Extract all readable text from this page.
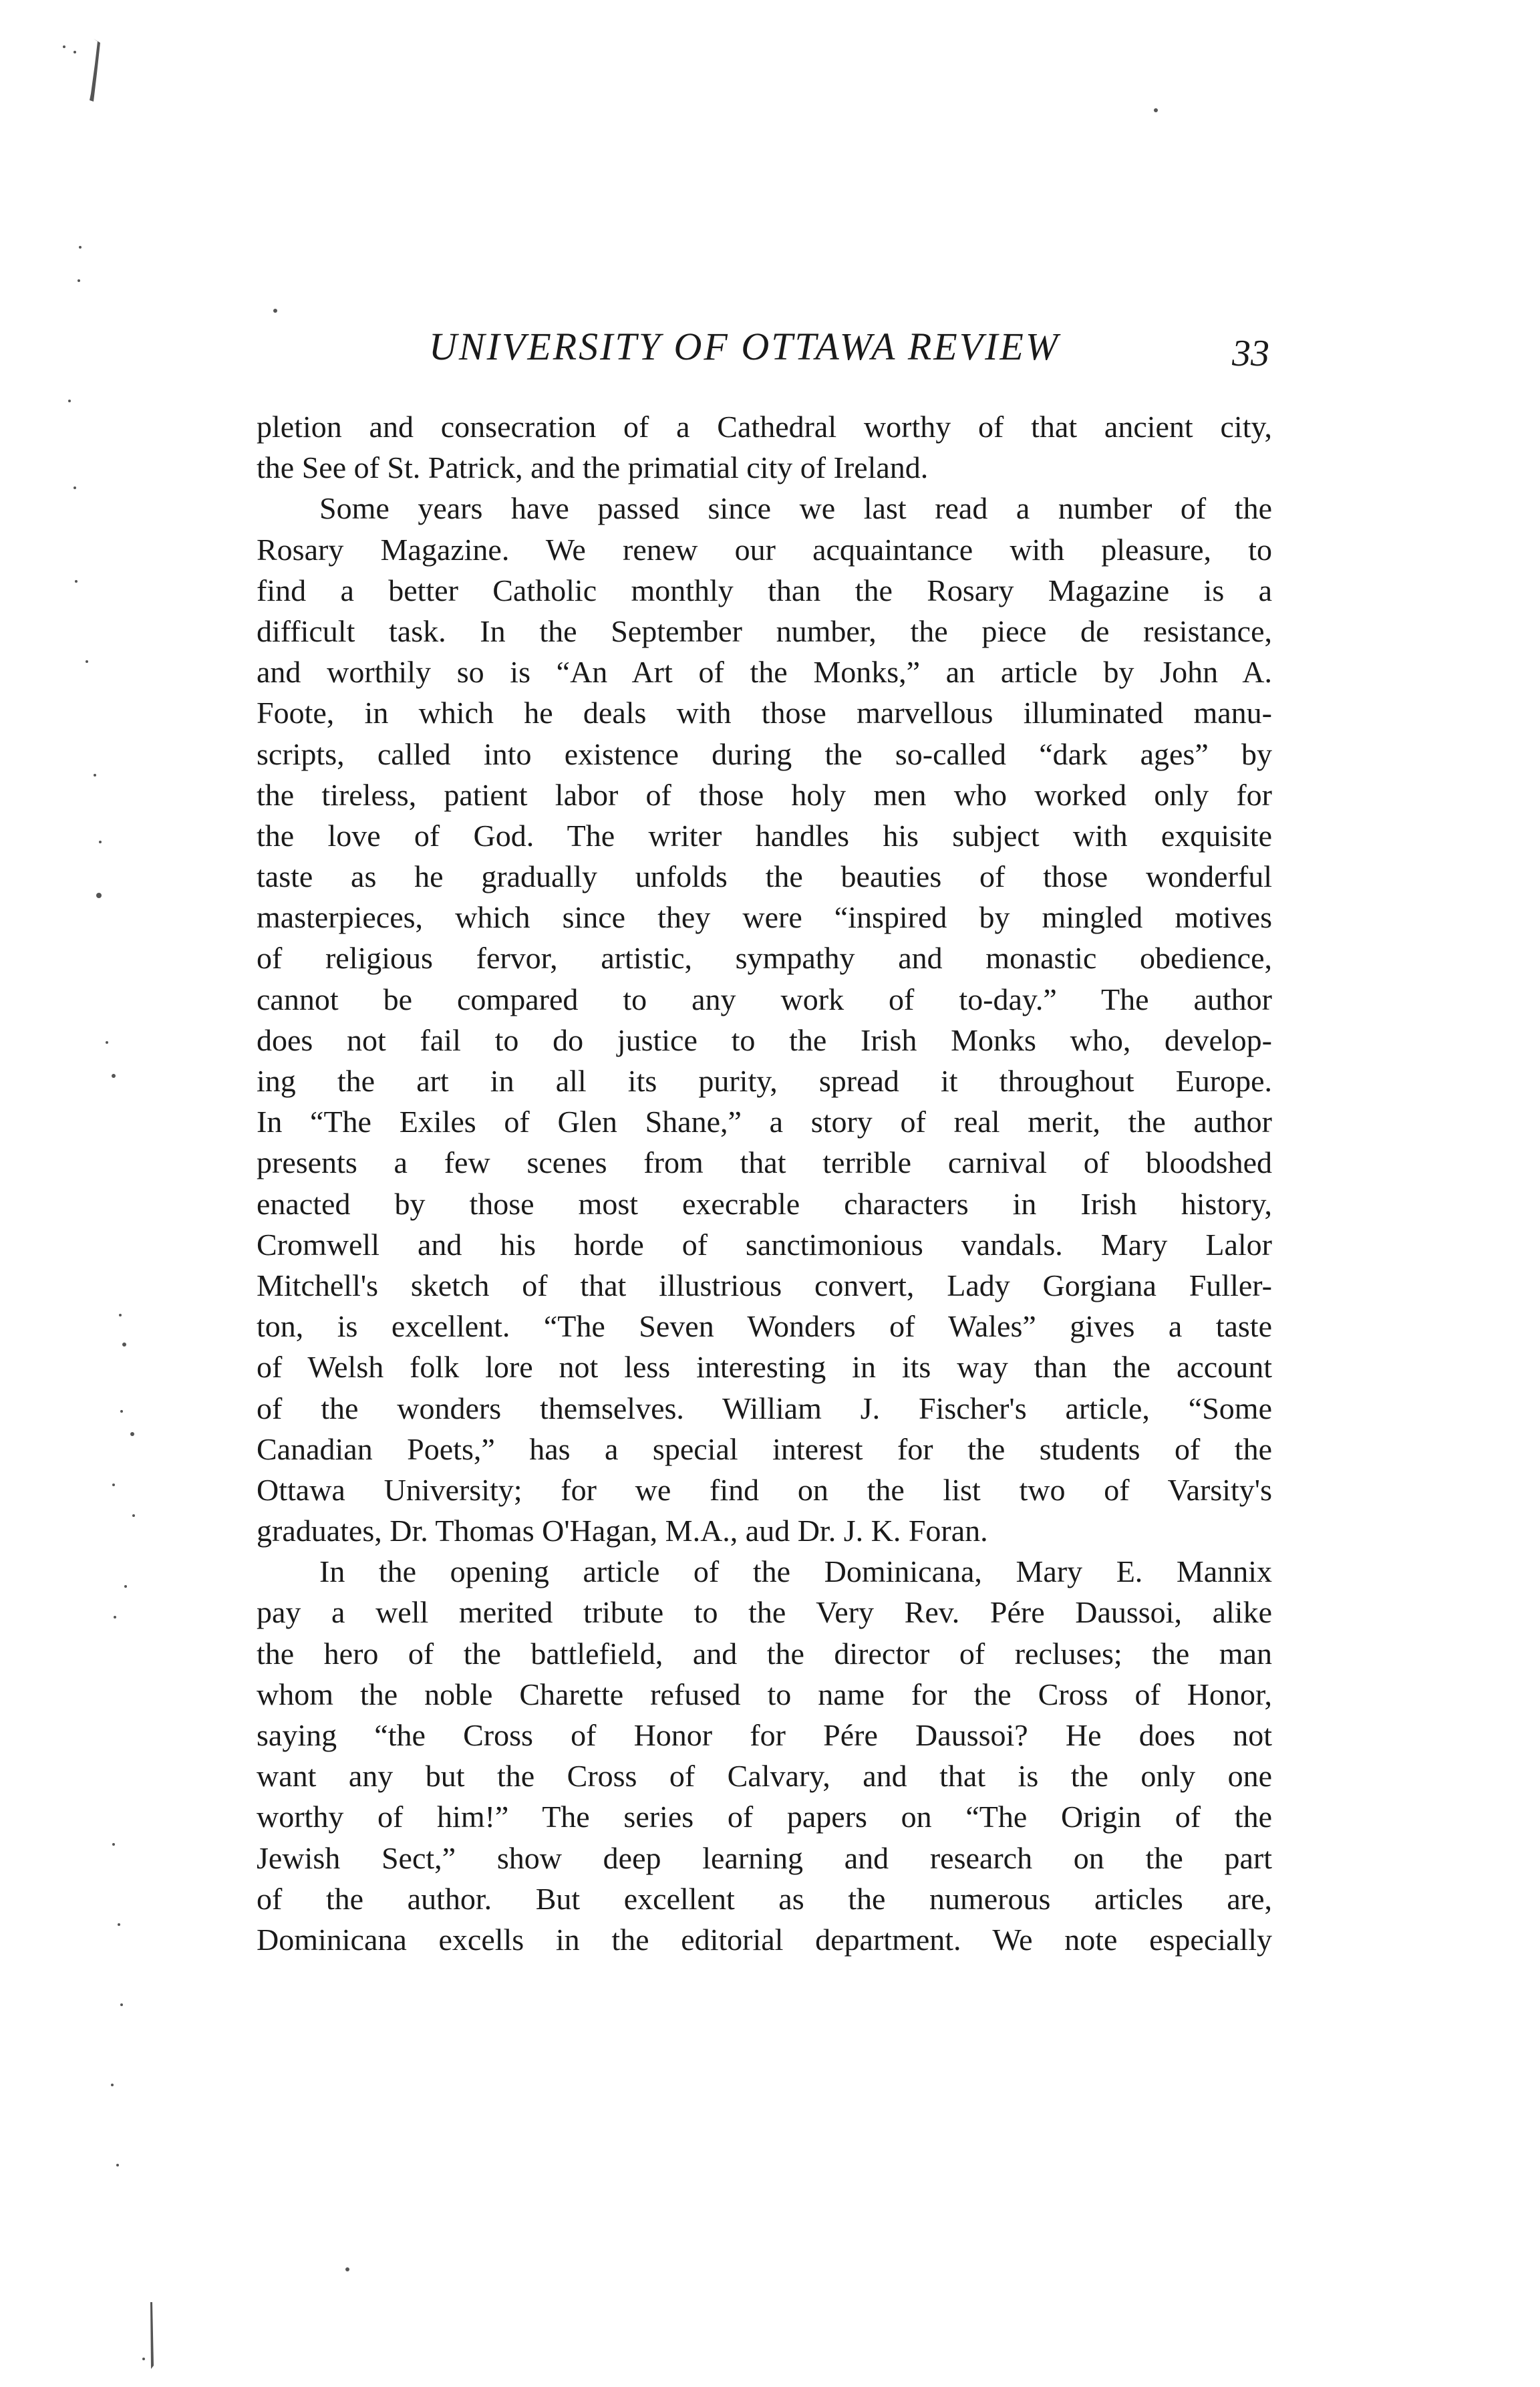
UNIVERSITY OF OTTAWA REVIEW	33
pletion and consecration of a Cathedral worthy of that ancient city,
the See of St. Patrick, and the primatial city of Ireland.
Some years have passed since we last read a number of the
Rosary Magazine. We renew our acquaintance with pleasure, to
find a better Catholic monthly than the Rosary Magazine is a
difficult task. In the September number, the piece de resistance,
and worthily so is “An Art of the Monks,” an article by John A.
Foote, in which he deals with those marvellous illuminated manu-
scripts, called into existence during the so-called “dark ages” by
the tireless, patient labor of those holy men who worked only for
the love of God. The writer handles his subject with exquisite
taste as he gradually unfolds the beauties of those wonderful
masterpieces, which since they were “inspired by mingled motives
of religious fervor, artistic, sympathy and monastic obedience,
cannot be compared to any work of to-day.” The author
does not fail to do justice to the Irish Monks who, develop-
ing the art in all its purity, spread it throughout Europe.
In “The Exiles of Glen Shane,” a story of real merit, the author
presents a few scenes from that terrible carnival of bloodshed
enacted by those most execrable characters in Irish history,
Cromwell and his horde of sanctimonious vandals. Mary Lalor
Mitchell's sketch of that illustrious convert, Lady Gorgiana Fuller-
ton, is excellent. “The Seven Wonders of Wales” gives a taste
of Welsh folk lore not less interesting in its way than the account
of the wonders themselves. William J. Fischer's article, “Some
Canadian Poets,” has a special interest for the students of the
Ottawa University; for we find on the list two of Varsity's
graduates, Dr. Thomas O'Hagan, M.A., aud Dr. J. K. Foran.
In the opening article of the Dominicana, Mary E. Mannix
pay a well merited tribute to the Very Rev. Pére Daussoi, alike
the hero of the battlefield, and the director of recluses; the man
whom the noble Charette refused to name for the Cross of Honor,
saying “the Cross of Honor for Pére Daussoi? He does not
want any but the Cross of Calvary, and that is the only one
worthy of him!” The series of papers on “The Origin of the
Jewish Sect,” show deep learning and research on the part
of the author. But excellent as the numerous articles are,
Dominicana excells in the editorial department. We note especially
